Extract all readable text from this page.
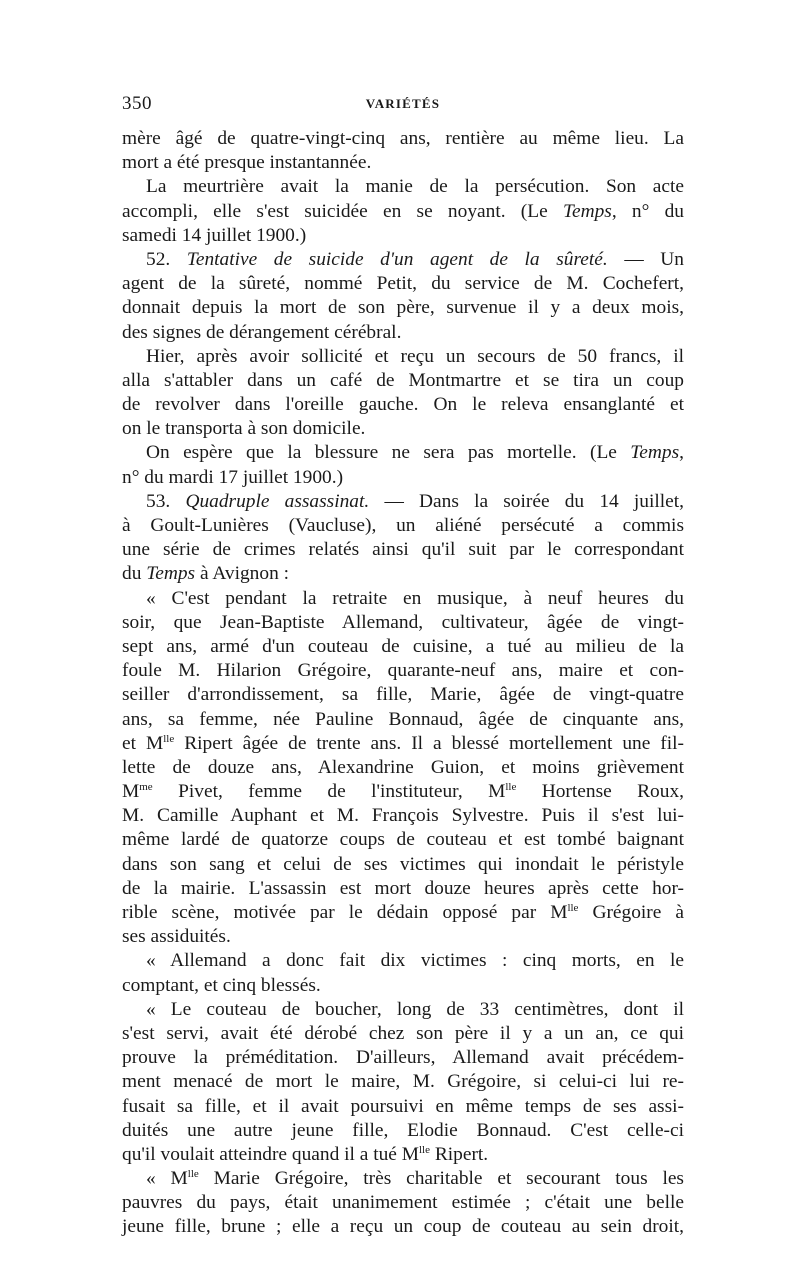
350	VARIÉTÉS
mère âgé de quatre-vingt-cinq ans, rentière au même lieu. La
mort a été presque instantannée.
La meurtrière avait la manie de la persécution. Son acte
accompli, elle s'est suicidée en se noyant. (Le Temps, n° du
samedi 14 juillet 1900.)
52. Tentative de suicide d'un agent de la sûreté. — Un
agent de la sûreté, nommé Petit, du service de M. Cochefert,
donnait depuis la mort de son père, survenue il y a deux mois,
des signes de dérangement cérébral.
Hier, après avoir sollicité et reçu un secours de 50 francs, il
alla s'attabler dans un café de Montmartre et se tira un coup
de revolver dans l'oreille gauche. On le releva ensanglanté et
on le transporta à son domicile.
On espère que la blessure ne sera pas mortelle. (Le Temps,
n° du mardi 17 juillet 1900.)
53. Quadruple assassinat. — Dans la soirée du 14 juillet,
à Goult-Lunières (Vaucluse), un aliéné persécuté a commis
une série de crimes relatés ainsi qu'il suit par le correspondant
du Temps à Avignon :
« C'est pendant la retraite en musique, à neuf heures du
soir, que Jean-Baptiste Allemand, cultivateur, âgée de vingt-
sept ans, armé d'un couteau de cuisine, a tué au milieu de la
foule M. Hilarion Grégoire, quarante-neuf ans, maire et con-
seiller d'arrondissement, sa fille, Marie, âgée de vingt-quatre
ans, sa femme, née Pauline Bonnaud, âgée de cinquante ans,
et $M^{lle}$ Ripert âgée de trente ans. Il a blessé mortellement une fil-
lette de douze ans, Alexandrine Guion, et moins grièvement
$M^{me}$ Pivet, femme de l'instituteur, $M^{lle}$ Hortense Roux,
M. Camille Auphant et M. François Sylvestre. Puis il s'est lui-
même lardé de quatorze coups de couteau et est tombé baignant
dans son sang et celui de ses victimes qui inondait le péristyle
de la mairie. L'assassin est mort douze heures après cette hor-
rible scène, motivée par le dédain opposé par $M^{lle}$ Grégoire à
ses assiduités.
« Allemand a donc fait dix victimes : cinq morts, en le
comptant, et cinq blessés.
« Le couteau de boucher, long de 33 centimètres, dont il
s'est servi, avait été dérobé chez son père il y a un an, ce qui
prouve la préméditation. D'ailleurs, Allemand avait précédem-
ment menacé de mort le maire, M. Grégoire, si celui-ci lui re-
fusait sa fille, et il avait poursuivi en même temps de ses assi-
duités une autre jeune fille, Elodie Bonnaud. C'est celle-ci
qu'il voulait atteindre quand il a tué $M^{lle}$ Ripert.
« $M^{lle}$ Marie Grégoire, très charitable et secourant tous les
pauvres du pays, était unanimement estimée ; c'était une belle
jeune fille, brune ; elle a reçu un coup de couteau au sein droit,
